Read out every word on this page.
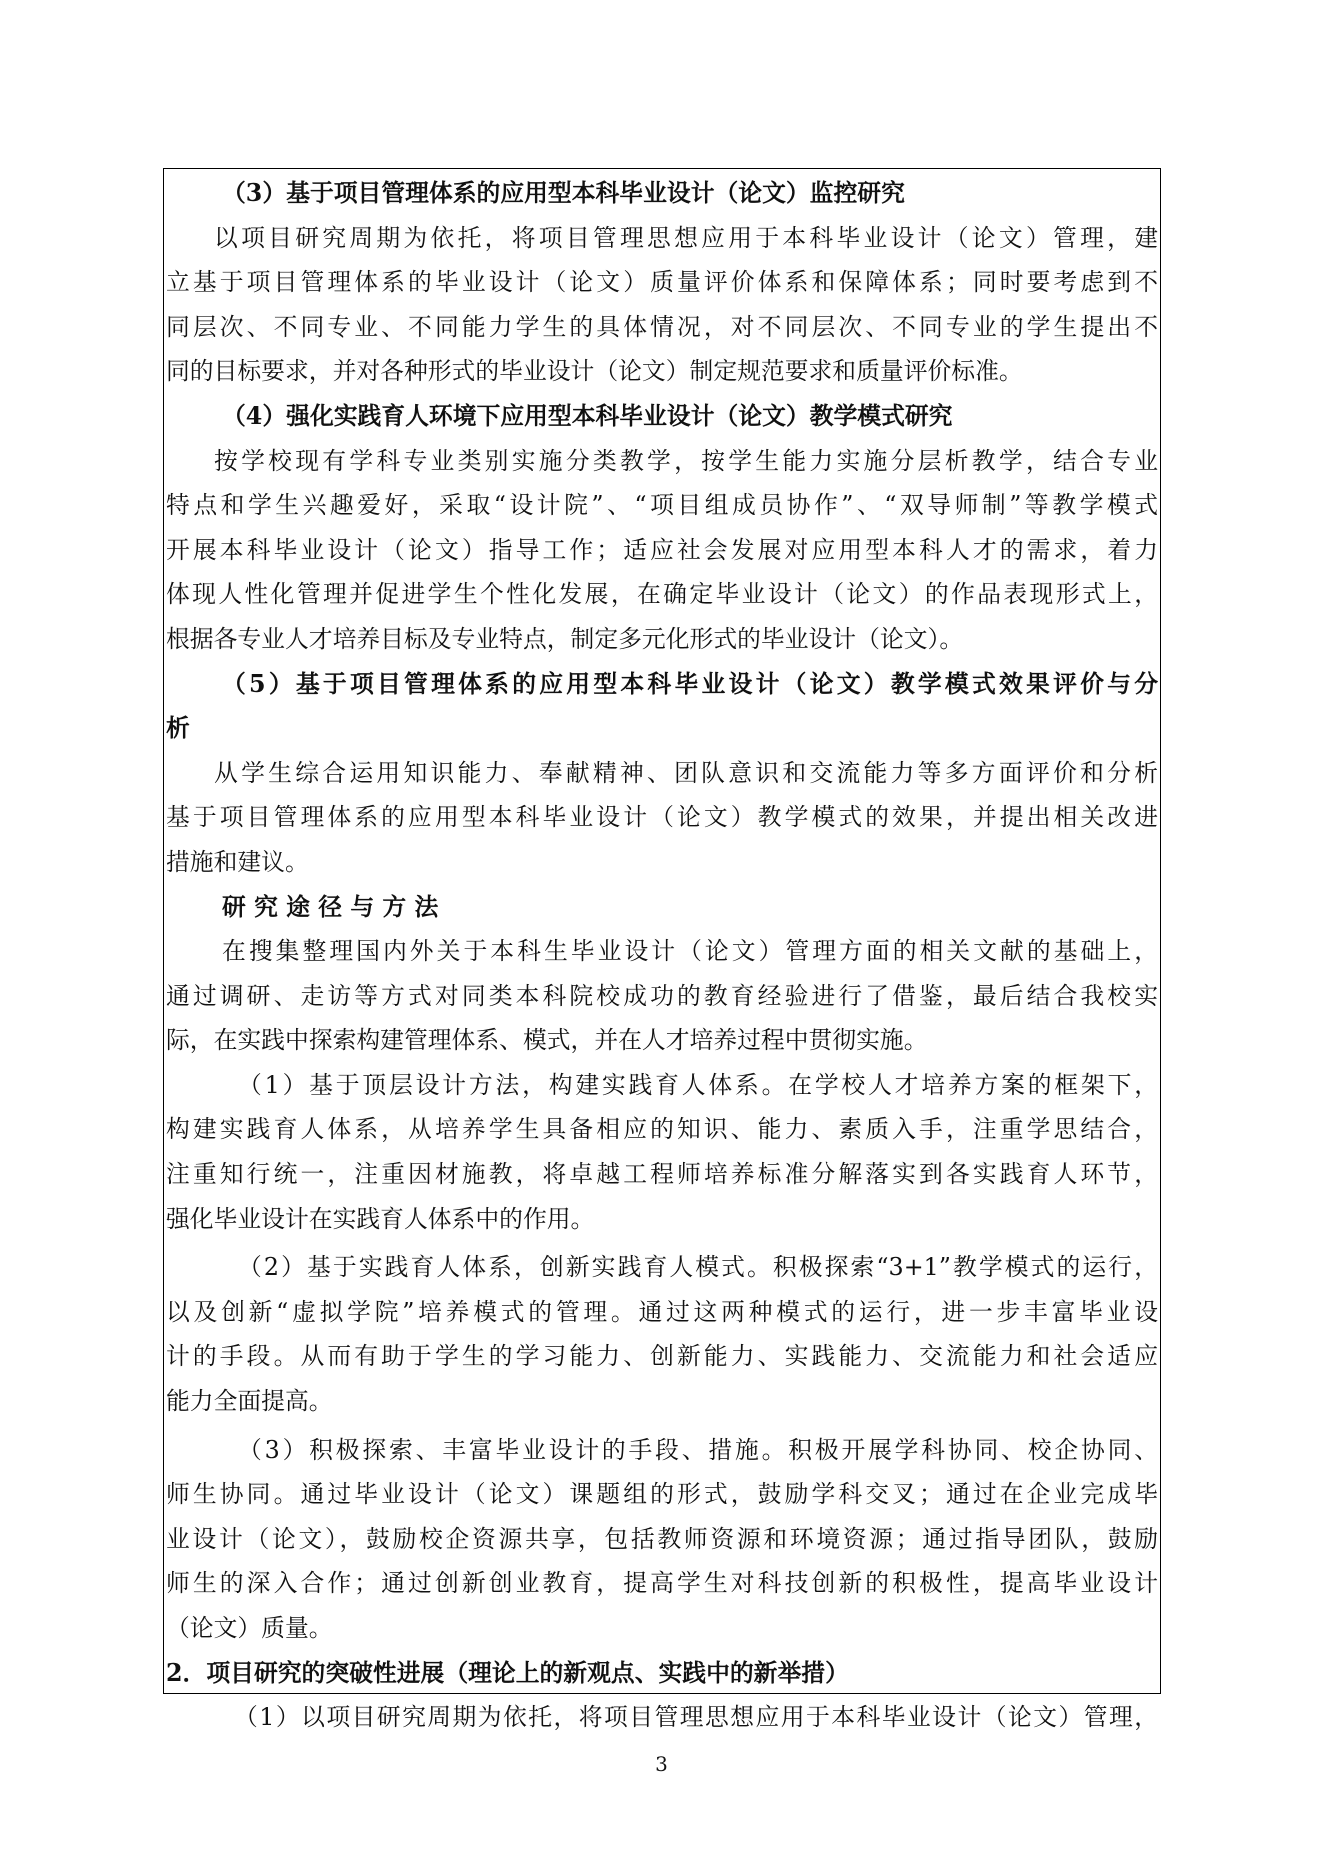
（3）基于项目管理体系的应用型本科毕业设计（论文）监控研究
以项目研究周期为依托，将项目管理思想应用于本科毕业设计（论文）管理，建
立基于项目管理体系的毕业设计（论文）质量评价体系和保障体系；同时要考虑到不
同层次、不同专业、不同能力学生的具体情况，对不同层次、不同专业的学生提出不
同的目标要求，并对各种形式的毕业设计（论文）制定规范要求和质量评价标准。
（4）强化实践育人环境下应用型本科毕业设计（论文）教学模式研究
按学校现有学科专业类别实施分类教学，按学生能力实施分层析教学，结合专业
特点和学生兴趣爱好，采取“设计院”、“项目组成员协作”、“双导师制”等教学模式
开展本科毕业设计（论文）指导工作；适应社会发展对应用型本科人才的需求，着力
体现人性化管理并促进学生个性化发展，在确定毕业设计（论文）的作品表现形式上，
根据各专业人才培养目标及专业特点，制定多元化形式的毕业设计（论文）。
（5）基于项目管理体系的应用型本科毕业设计（论文）教学模式效果评价与分
析
从学生综合运用知识能力、奉献精神、团队意识和交流能力等多方面评价和分析
基于项目管理体系的应用型本科毕业设计（论文）教学模式的效果，并提出相关改进
措施和建议。
研 究 途 径 与 方 法
在搜集整理国内外关于本科生毕业设计（论文）管理方面的相关文献的基础上，
通过调研、走访等方式对同类本科院校成功的教育经验进行了借鉴，最后结合我校实
际，在实践中探索构建管理体系、模式，并在人才培养过程中贯彻实施。
（1）基于顶层设计方法，构建实践育人体系。在学校人才培养方案的框架下，
构建实践育人体系，从培养学生具备相应的知识、能力、素质入手，注重学思结合，
注重知行统一，注重因材施教，将卓越工程师培养标准分解落实到各实践育人环节，
强化毕业设计在实践育人体系中的作用。
（2）基于实践育人体系，创新实践育人模式。积极探索“3+1”教学模式的运行，
以及创新“虚拟学院”培养模式的管理。通过这两种模式的运行，进一步丰富毕业设
计的手段。从而有助于学生的学习能力、创新能力、实践能力、交流能力和社会适应
能力全面提高。
（3）积极探索、丰富毕业设计的手段、措施。积极开展学科协同、校企协同、
师生协同。通过毕业设计（论文）课题组的形式，鼓励学科交叉；通过在企业完成毕
业设计（论文），鼓励校企资源共享，包括教师资源和环境资源；通过指导团队，鼓励
师生的深入合作；通过创新创业教育，提高学生对科技创新的积极性，提高毕业设计
（论文）质量。
2．项目研究的突破性进展（理论上的新观点、实践中的新举措）
（1）以项目研究周期为依托，将项目管理思想应用于本科毕业设计（论文）管理，
3
